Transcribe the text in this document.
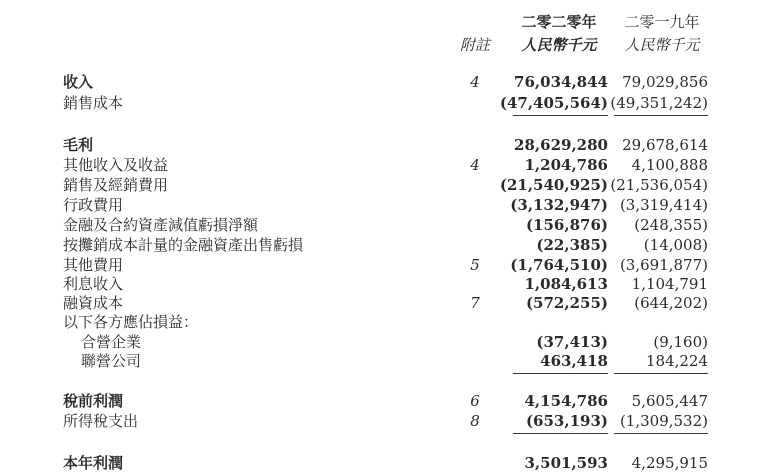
二零二零年	二零一九年
附註	人民幣千元	人民幣千元
收入	4	76,034,844 79,029,856
銷售成本	(47,405,564) (49,351,242)
毛利	28,629,280 29,678,614
其他收入及收益	4	1,204,786 4,100,888
銷售及經銷費用	(21,540,925) (21,536,054)
行政費用	(3,132,947) (3,319,414)
金融及合約資產減值虧損淨額	(156,876) (248,355)
按攤銷成本計量的金融資產出售虧損	(22,385) (14,008)
其他費用	5	(1,764,510) (3,691,877)
利息收入	1,084,613 1,104,791
融資成本	7	(572,255) (644,202)
以下各方應佔損益：
合營企業	(37,413)	(9,160)
聯營公司	463,418	184,224
稅前利潤	6	4,154,786 5,605,447
所得稅支出	8	(653,193) (1,309,532)
本年利潤	3,501,593 4,295,915
